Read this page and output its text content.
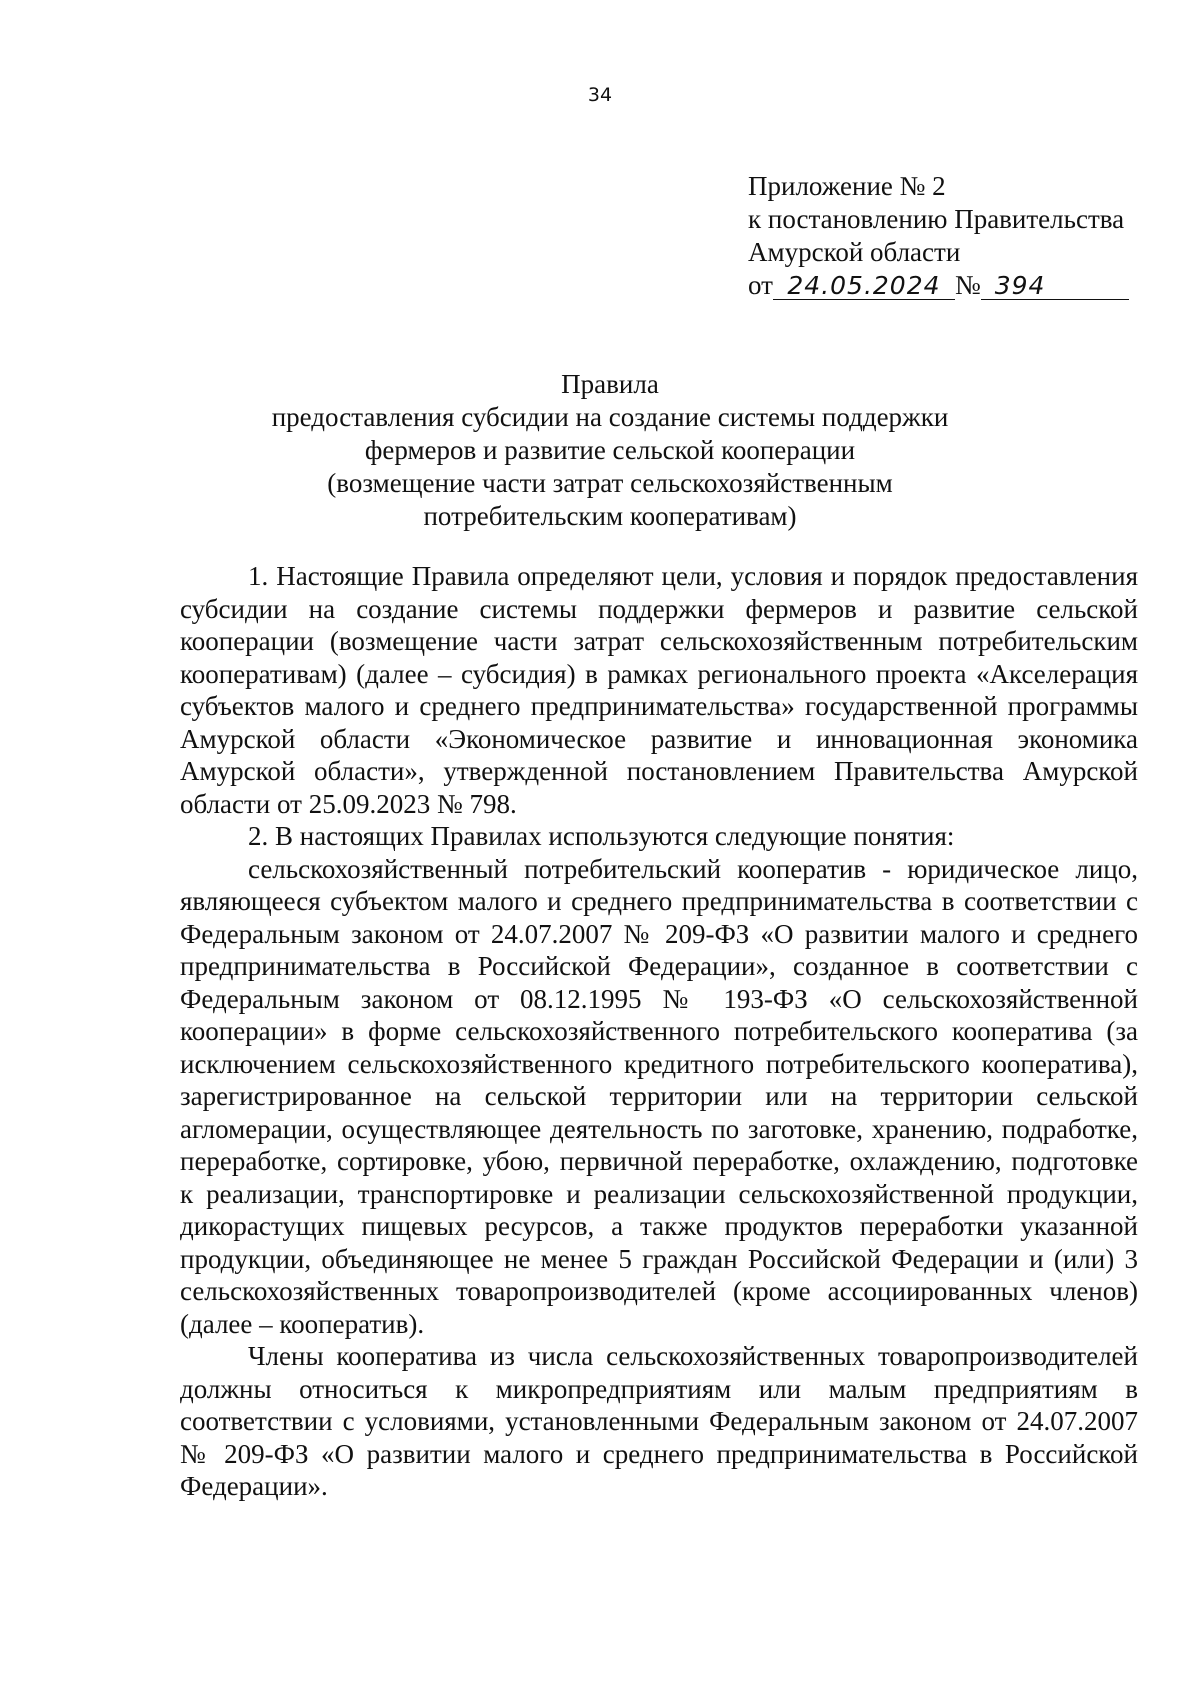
34
Приложение № 2
к постановлению Правительства
Амурской области
от 24.05.2024 № 394
Правила
предоставления субсидии на создание системы поддержки
фермеров и развитие сельской кооперации
(возмещение части затрат сельскохозяйственным
потребительским кооперативам)

1. Настоящие Правила определяют цели, условия и порядок предоставления субсидии на создание системы поддержки фермеров и развитие сельской кооперации (возмещение части затрат сельскохозяйственным потребительским кооперативам) (далее – субсидия) в рамках регионального проекта «Акселерация субъектов малого и среднего предпринимательства» государственной программы Амурской области «Экономическое развитие и инновационная экономика Амурской области», утвержденной постановлением Правительства Амурской области от 25.09.2023 № 798.

2. В настоящих Правилах используются следующие понятия:

сельскохозяйственный потребительский кооператив - юридическое лицо, являющееся субъектом малого и среднего предпринимательства в соответствии с Федеральным законом от 24.07.2007 № 209-ФЗ «О развитии малого и среднего предпринимательства в Российской Федерации», созданное в соответствии с Федеральным законом от 08.12.1995 № 193-ФЗ «О сельскохозяйственной кооперации» в форме сельскохозяйственного потребительского кооператива (за исключением сельскохозяйственного кредитного потребительского кооператива), зарегистрированное на сельской территории или на территории сельской агломерации, осуществляющее деятельность по заготовке, хранению, подработке, переработке, сортировке, убою, первичной переработке, охлаждению, подготовке к реализации, транспортировке и реализации сельскохозяйственной продукции, дикорастущих пищевых ресурсов, а также продуктов переработки указанной продукции, объединяющее не менее 5 граждан Российской Федерации и (или) 3 сельскохозяйственных товаропроизводителей (кроме ассоциированных членов) (далее – кооператив).

Члены кооператива из числа сельскохозяйственных товаропроизводителей должны относиться к микропредприятиям или малым предприятиям в соответствии с условиями, установленными Федеральным законом от 24.07.2007 № 209-ФЗ «О развитии малого и среднего предпринимательства в Российской Федерации».
